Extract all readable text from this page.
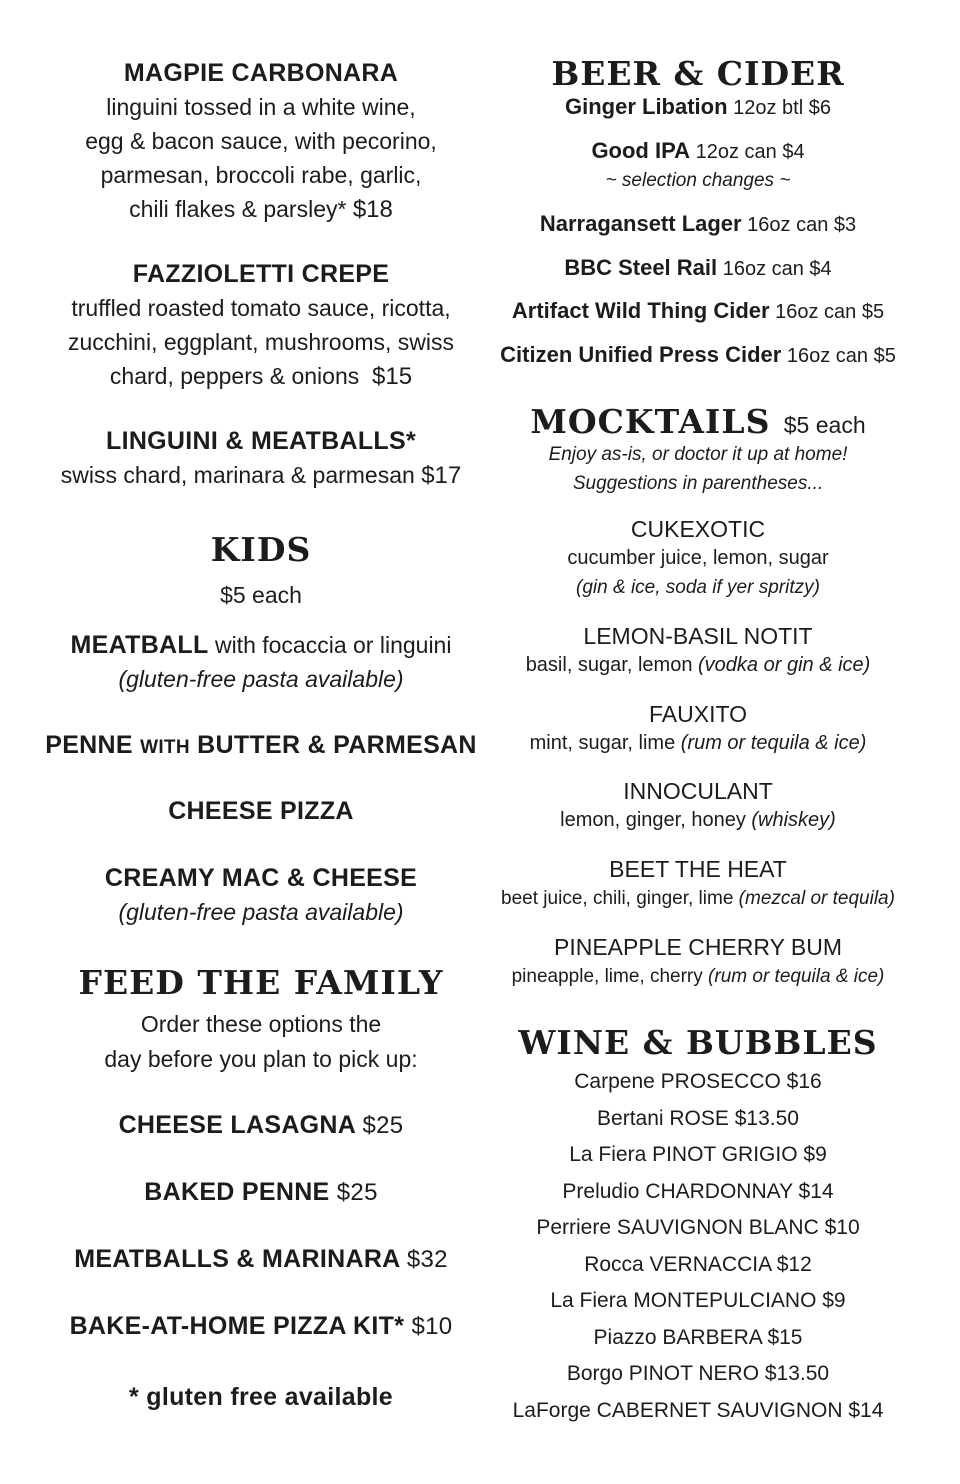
MAGPIE CARBONARA
linguini tossed in a white wine,
egg & bacon sauce, with pecorino,
parmesan, broccoli rabe, garlic,
chili flakes & parsley* $18
FAZZIOLETTI CREPE
truffled roasted tomato sauce, ricotta,
zucchini, eggplant, mushrooms, swiss
chard, peppers & onions $15
LINGUINI & MEATBALLS*
swiss chard, marinara & parmesan $17
KIDS
$5 each
MEATBALL with focaccia or linguini
(gluten-free pasta available)
PENNE WITH BUTTER & PARMESAN
CHEESE PIZZA
CREAMY MAC & CHEESE
(gluten-free pasta available)
FEED THE FAMILY
Order these options the
day before you plan to pick up:
CHEESE LASAGNA $25
BAKED PENNE $25
MEATBALLS & MARINARA $32
BAKE-AT-HOME PIZZA KIT* $10
* gluten free available
BEER & CIDER
Ginger Libation 12oz btl $6
Good IPA 12oz can $4
~ selection changes ~
Narragansett Lager 16oz can $3
BBC Steel Rail 16oz can $4
Artifact Wild Thing Cider 16oz can $5
Citizen Unified Press Cider 16oz can $5
MOCKTAILS $5 each
Enjoy as-is, or doctor it up at home!
Suggestions in parentheses...
CUKEXOTIC
cucumber juice, lemon, sugar
(gin & ice, soda if yer spritzy)
LEMON-BASIL NOTIT
basil, sugar, lemon (vodka or gin & ice)
FAUXITO
mint, sugar, lime (rum or tequila & ice)
INNOCULANT
lemon, ginger, honey (whiskey)
BEET THE HEAT
beet juice, chili, ginger, lime (mezcal or tequila)
PINEAPPLE CHERRY BUM
pineapple, lime, cherry (rum or tequila & ice)
WINE & BUBBLES
Carpene PROSECCO $16
Bertani ROSE $13.50
La Fiera PINOT GRIGIO $9
Preludio CHARDONNAY $14
Perriere SAUVIGNON BLANC $10
Rocca VERNACCIA $12
La Fiera MONTEPULCIANO $9
Piazzo BARBERA $15
Borgo PINOT NERO $13.50
LaForge CABERNET SAUVIGNON $14
